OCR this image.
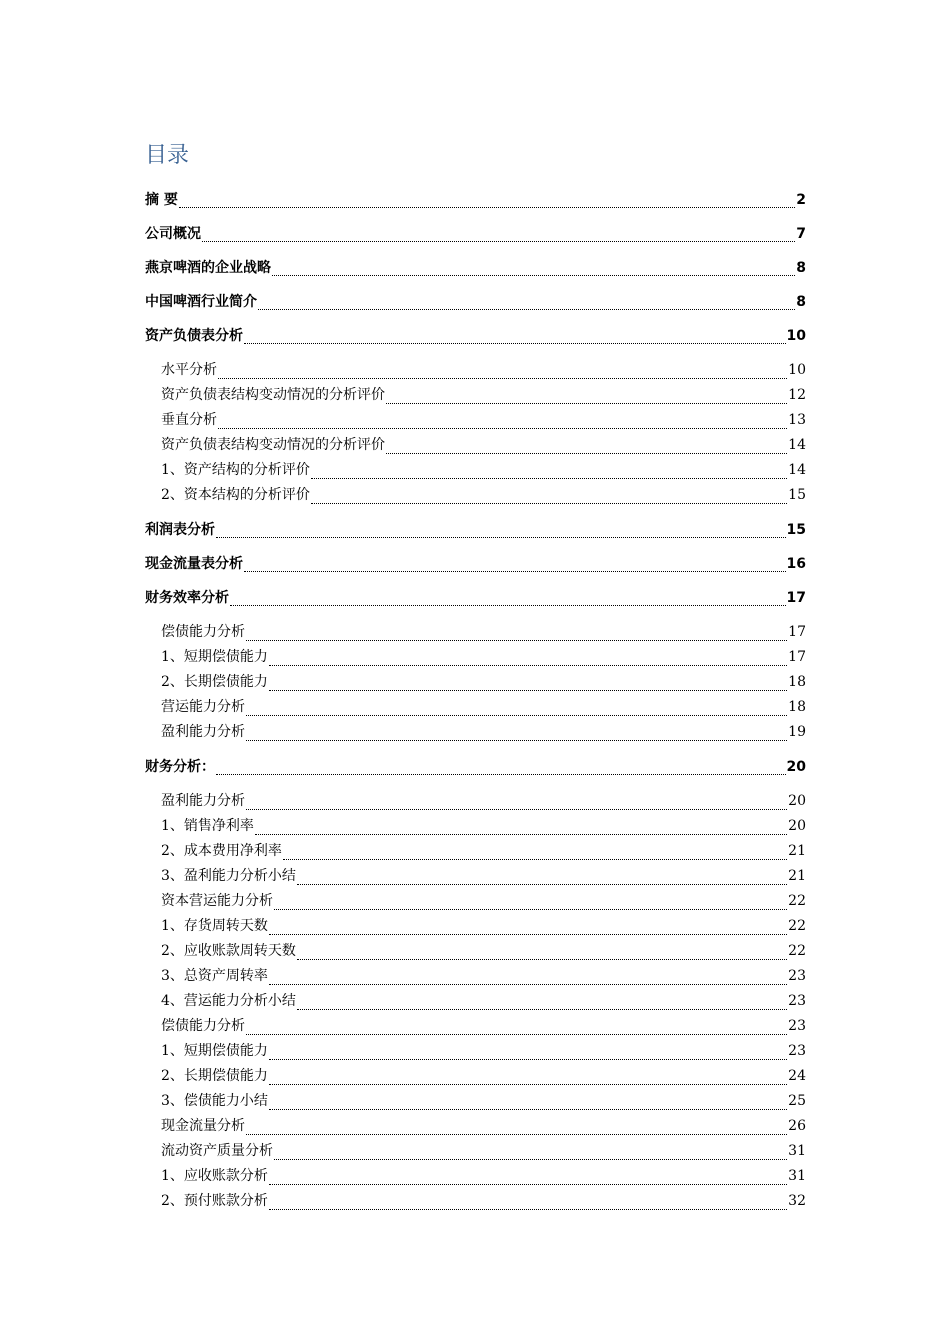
目录
摘 要	2
公司概况	7
燕京啤酒的企业战略	8
中国啤酒行业简介	8
资产负债表分析	10
水平分析	10
资产负债表结构变动情况的分析评价	12
垂直分析	13
资产负债表结构变动情况的分析评价	14
1、资产结构的分析评价	14
2、资本结构的分析评价	15
利润表分析	15
现金流量表分析	16
财务效率分析	17
偿债能力分析	17
1、短期偿债能力	17
2、长期偿债能力	18
营运能力分析	18
盈利能力分析	19
财务分析：	20
盈利能力分析	20
1、销售净利率	20
2、成本费用净利率	21
3、盈利能力分析小结	21
资本营运能力分析	22
1、存货周转天数	22
2、应收账款周转天数	22
3、总资产周转率	23
4、营运能力分析小结	23
偿债能力分析	23
1、短期偿债能力	23
2、长期偿债能力	24
3、偿债能力小结	25
现金流量分析	26
流动资产质量分析	31
1、应收账款分析	31
2、预付账款分析	32
